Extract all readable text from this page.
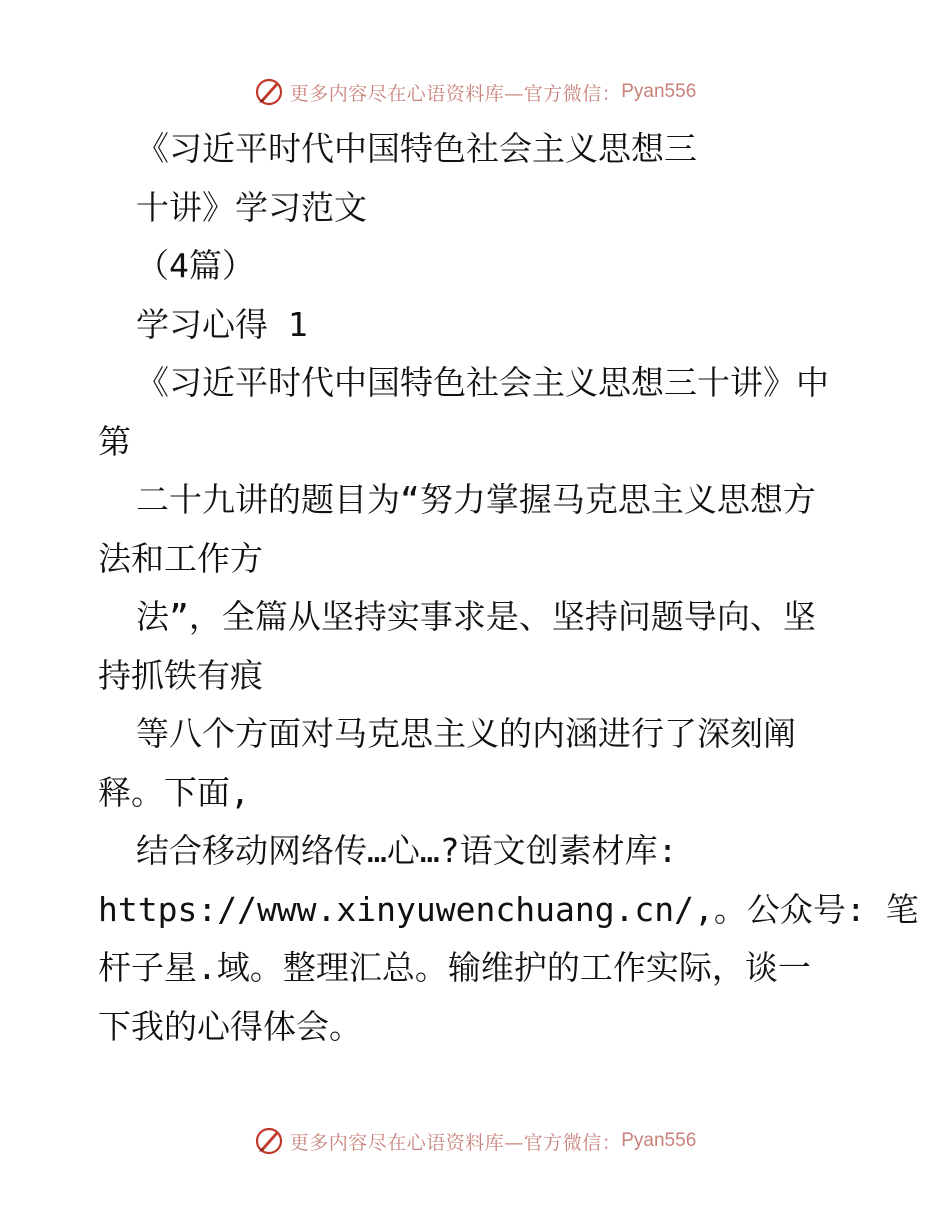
更多内容尽在心语资料库—官方微信： Pyan556
《习近平时代中国特色社会主义思想三
十讲》学习范文
（4篇）
学习心得 1
《习近平时代中国特色社会主义思想三十讲》中
第
二十九讲的题目为“努力掌握马克思主义思想方
法和工作方
法”，全篇从坚持实事求是、坚持问题导向、坚
持抓铁有痕
等八个方面对马克思主义的内涵进行了深刻阐
释。下面,
结合移动网络传…心…?语文创素材库:
https://www.xinyuwenchuang.cn/,。公众号: 笔
杆子星.域。整理汇总。输维护的工作实际，谈一
下我的心得体会。
更多内容尽在心语资料库—官方微信： Pyan556
